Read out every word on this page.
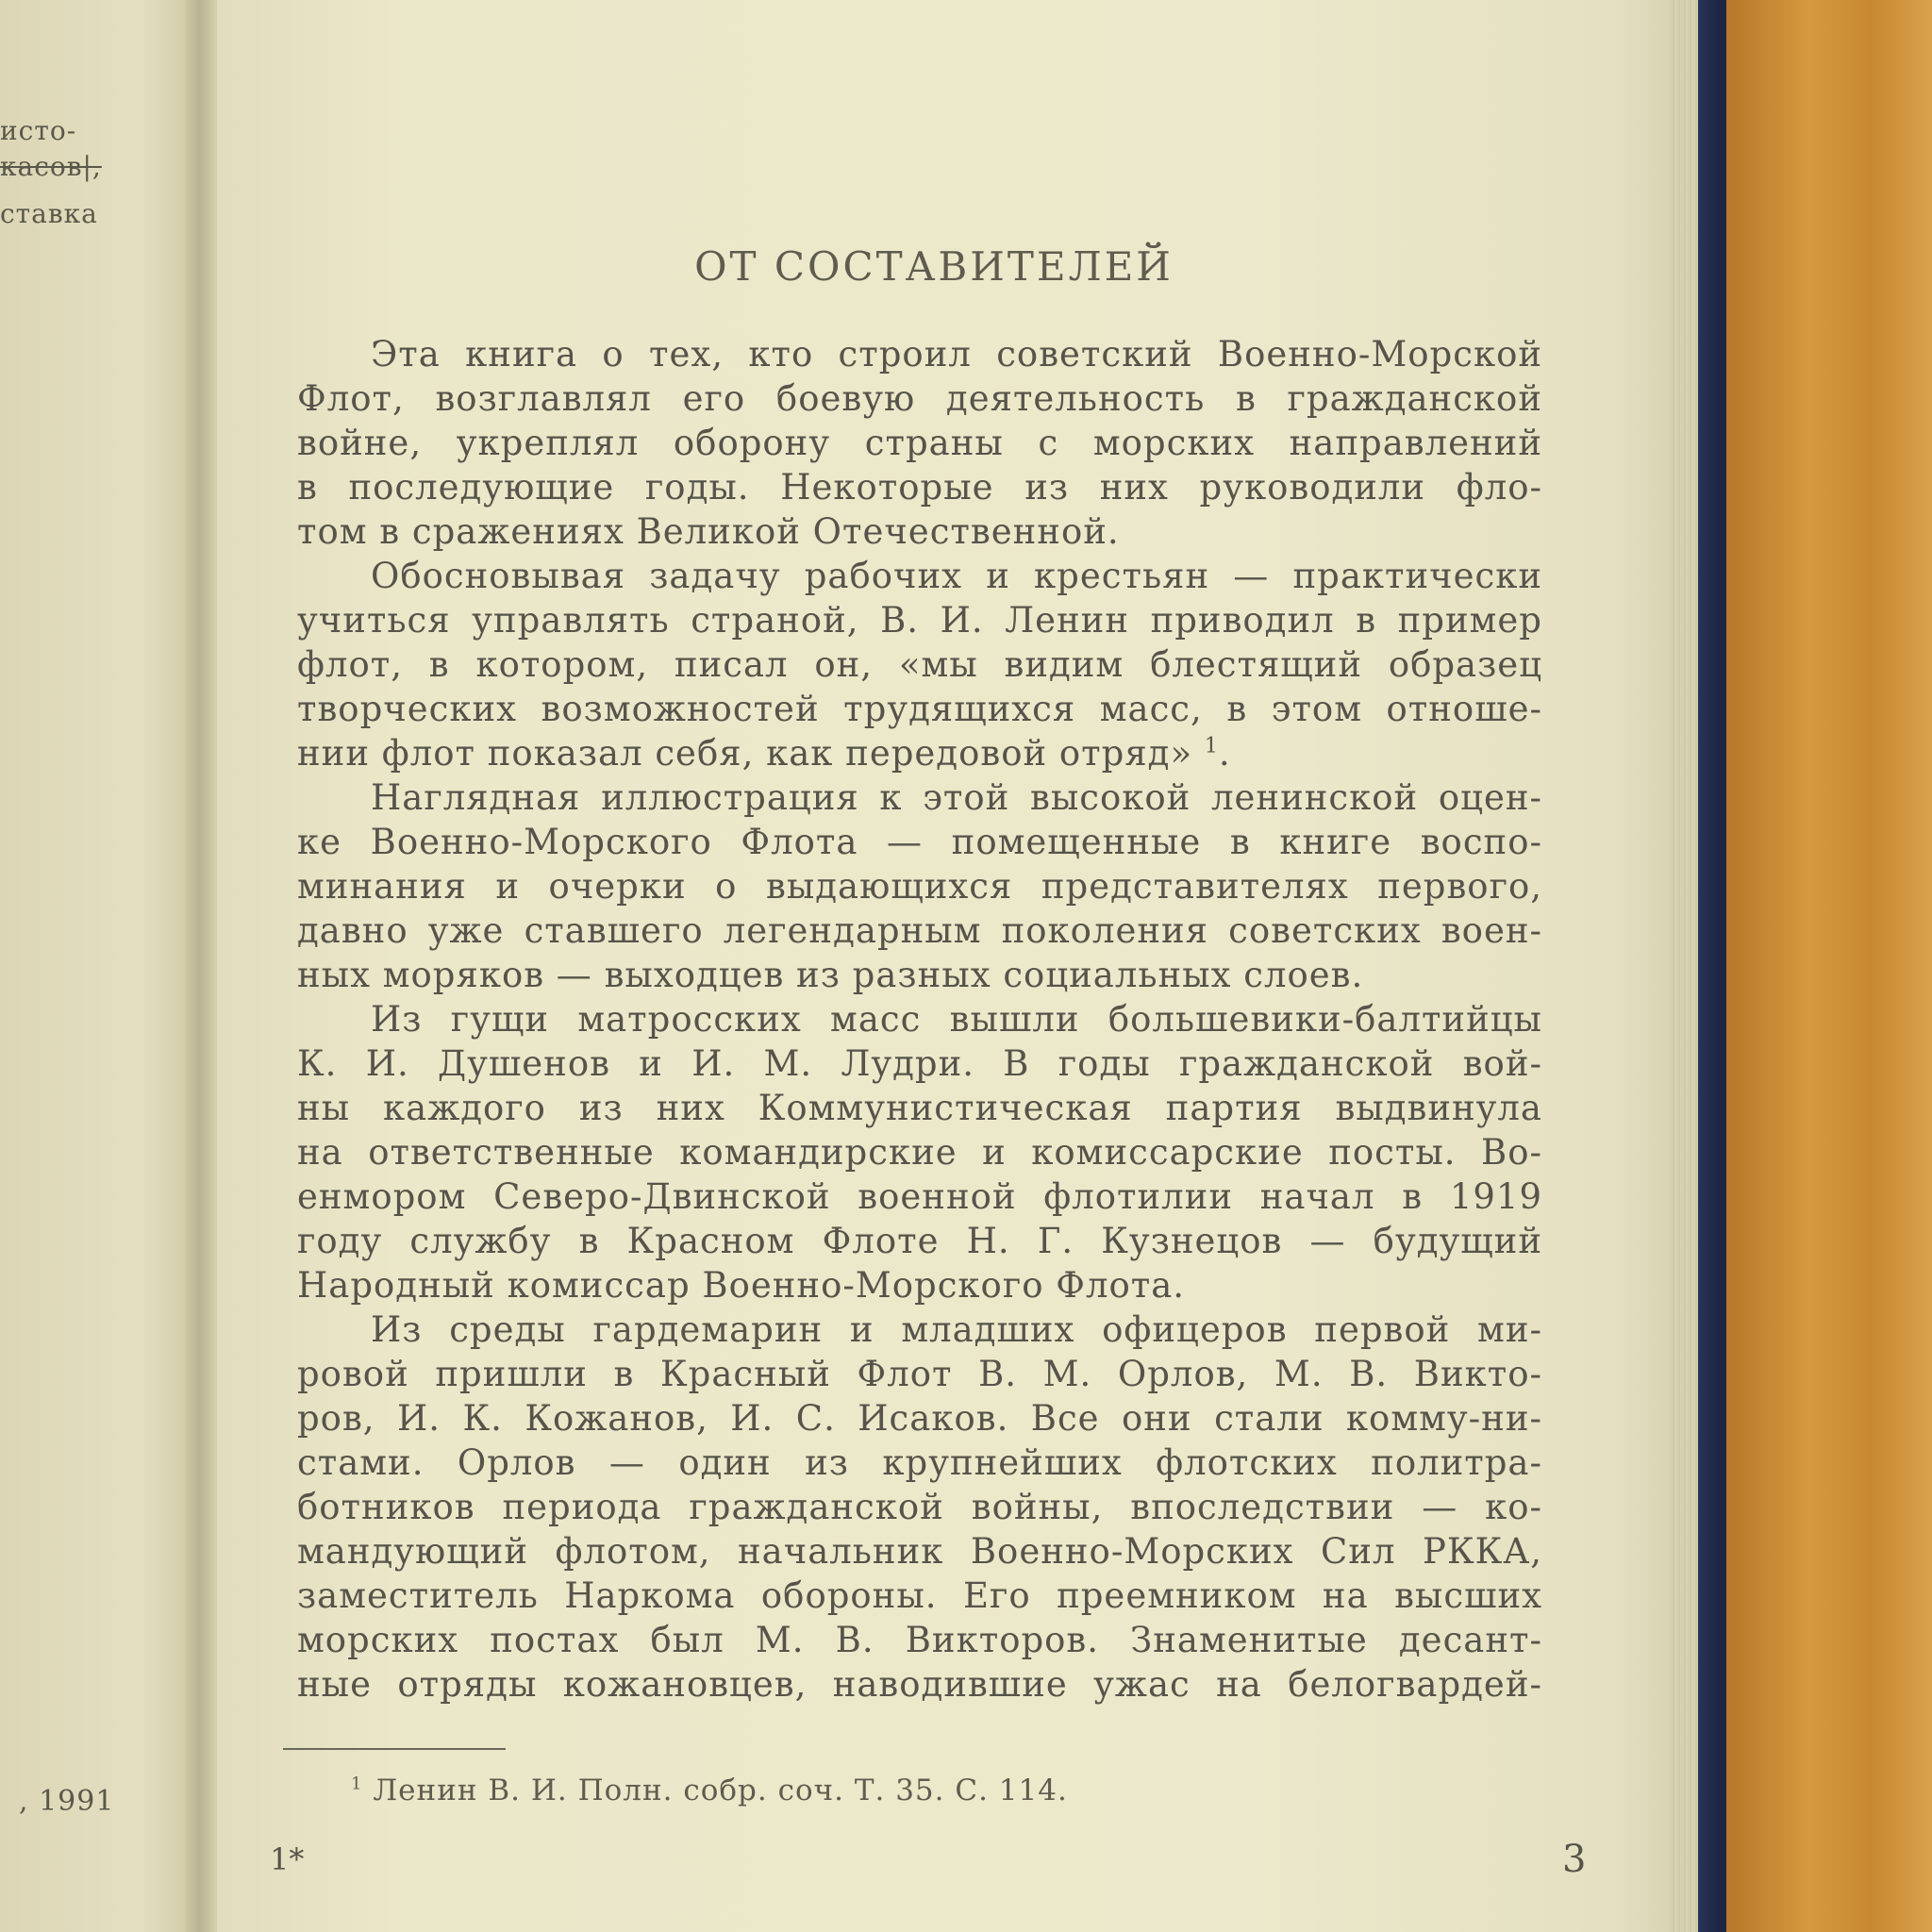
исто-
касов|,
ставка
, 1991
ОТ СОСТАВИТЕЛЕЙ
Эта книга о тех, кто строил советский Военно-Морской
Флот, возглавлял его боевую деятельность в гражданской
войне, укреплял оборону страны с морских направлений
в последующие годы. Некоторые из них руководили фло-
том в сражениях Великой Отечественной.
Обосновывая задачу рабочих и крестьян — практически
учиться управлять страной, В. И. Ленин приводил в пример
флот, в котором, писал он, «мы видим блестящий образец
творческих возможностей трудящихся масс, в этом отноше-
нии флот показал себя, как передовой отряд» $^1$.
Наглядная иллюстрация к этой высокой ленинской оцен-
ке Военно-Морского Флота — помещенные в книге воспо-
минания и очерки о выдающихся представителях первого,
давно уже ставшего легендарным поколения советских воен-
ных моряков — выходцев из разных социальных слоев.
Из гущи матросских масс вышли большевики-балтийцы
К. И. Душенов и И. М. Лудри. В годы гражданской вой-
ны каждого из них Коммунистическая партия выдвинула
на ответственные командирские и комиссарские посты. Во-
енмором Северо-Двинской военной флотилии начал в 1919
году службу в Красном Флоте Н. Г. Кузнецов — будущий
Народный комиссар Военно-Морского Флота.
Из среды гардемарин и младших офицеров первой ми-
ровой пришли в Красный Флот В. М. Орлов, М. В. Викто-
ров, И. К. Кожанов, И. С. Исаков. Все они стали комму-ни-
стами. Орлов — один из крупнейших флотских политра-
ботников периода гражданской войны, впоследствии — ко-
мандующий флотом, начальник Военно-Морских Сил РККА,
заместитель Наркома обороны. Его преемником на высших
морских постах был М. В. Викторов. Знаменитые десант-
ные отряды кожановцев, наводившие ужас на белогвардей-
$^1$ Ленин В. И. Полн. собр. соч. Т. 35. С. 114.
1*	3
